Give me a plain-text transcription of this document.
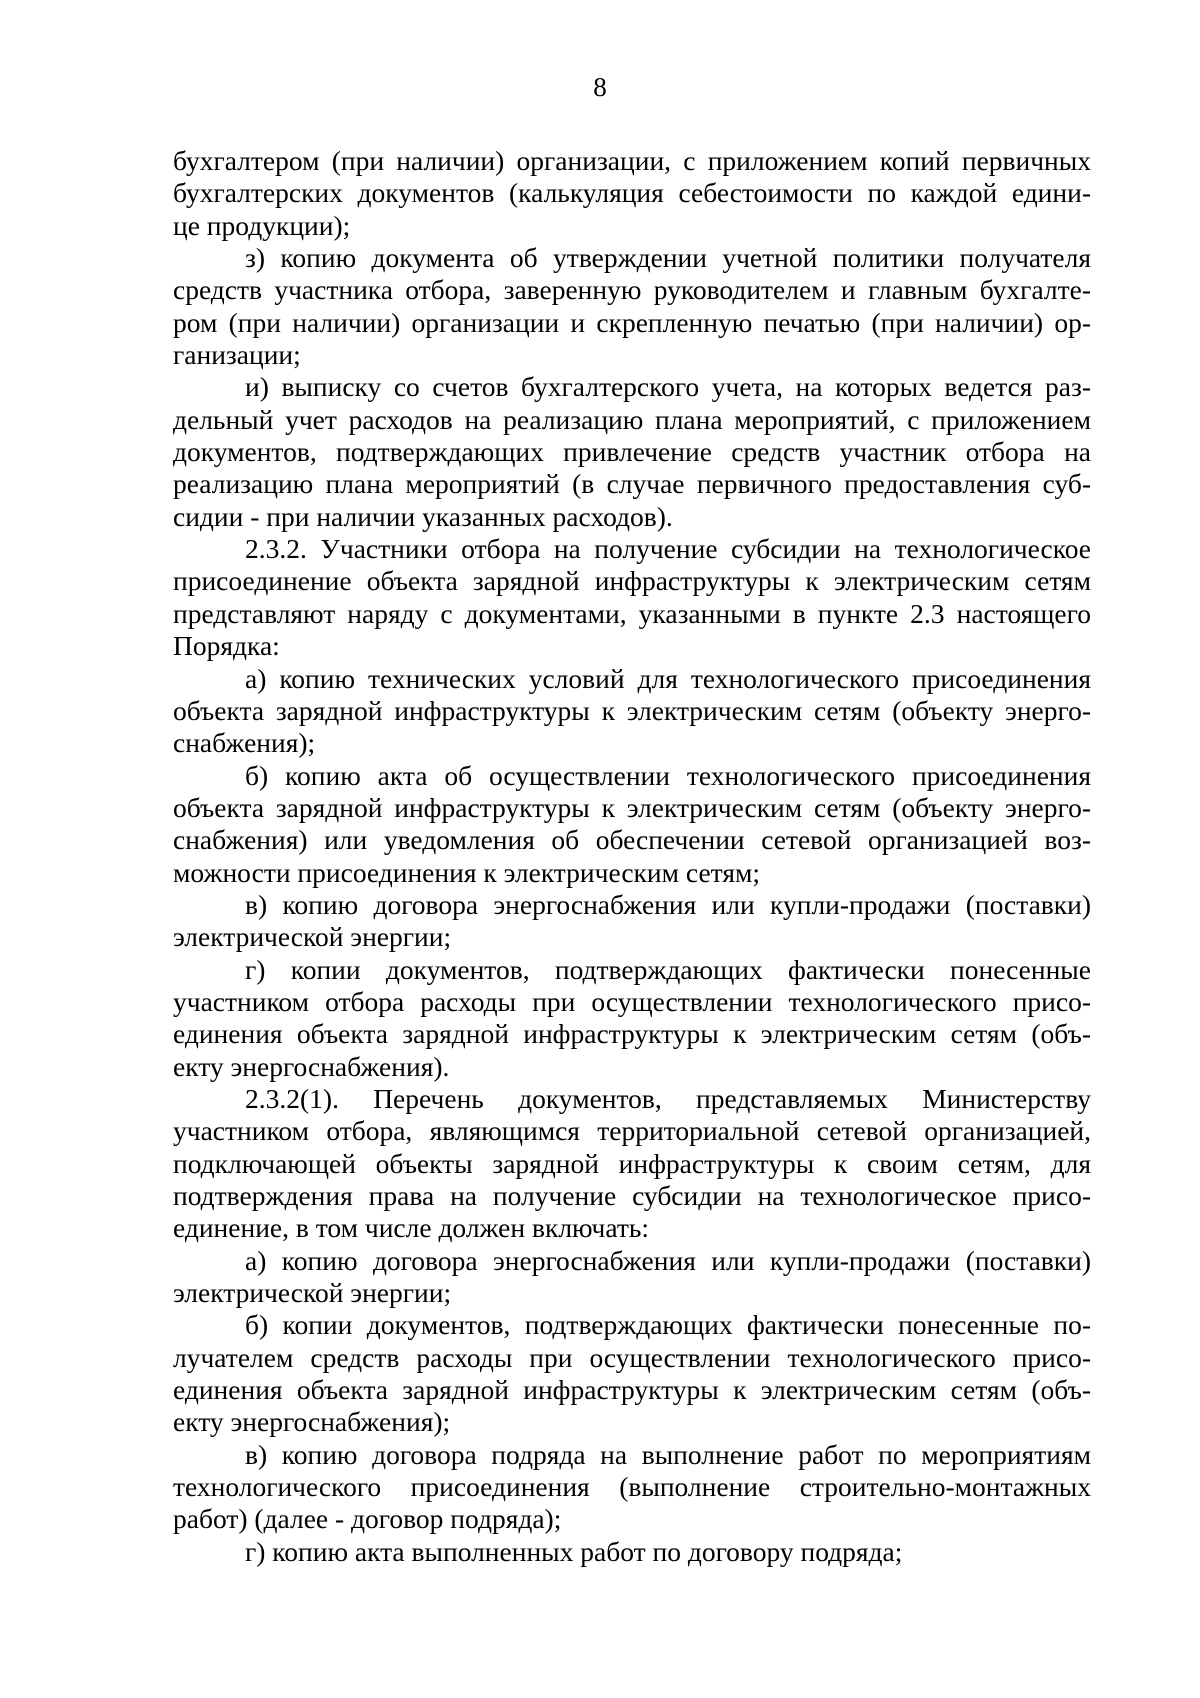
8
бухгалтером (при наличии) организации, с приложением копий первичных
бухгалтерских документов (калькуляция себестоимости по каждой едини-
це продукции);
з) копию документа об утверждении учетной политики получателя
средств участника отбора, заверенную руководителем и главным бухгалте-
ром (при наличии) организации и скрепленную печатью (при наличии) ор-
ганизации;
и) выписку со счетов бухгалтерского учета, на которых ведется раз-
дельный учет расходов на реализацию плана мероприятий, с приложением
документов, подтверждающих привлечение средств участник отбора на
реализацию плана мероприятий (в случае первичного предоставления суб-
сидии - при наличии указанных расходов).
2.3.2. Участники отбора на получение субсидии на технологическое
присоединение объекта зарядной инфраструктуры к электрическим сетям
представляют наряду с документами, указанными в пункте 2.3 настоящего
Порядка:
а) копию технических условий для технологического присоединения
объекта зарядной инфраструктуры к электрическим сетям (объекту энерго-
снабжения);
б) копию акта об осуществлении технологического присоединения
объекта зарядной инфраструктуры к электрическим сетям (объекту энерго-
снабжения) или уведомления об обеспечении сетевой организацией воз-
можности присоединения к электрическим сетям;
в) копию договора энергоснабжения или купли-продажи (поставки)
электрической энергии;
г) копии документов, подтверждающих фактически понесенные
участником отбора расходы при осуществлении технологического присо-
единения объекта зарядной инфраструктуры к электрическим сетям (объ-
екту энергоснабжения).
2.3.2(1). Перечень документов, представляемых Министерству
участником отбора, являющимся территориальной сетевой организацией,
подключающей объекты зарядной инфраструктуры к своим сетям, для
подтверждения права на получение субсидии на технологическое присо-
единение, в том числе должен включать:
а) копию договора энергоснабжения или купли-продажи (поставки)
электрической энергии;
б) копии документов, подтверждающих фактически понесенные по-
лучателем средств расходы при осуществлении технологического присо-
единения объекта зарядной инфраструктуры к электрическим сетям (объ-
екту энергоснабжения);
в) копию договора подряда на выполнение работ по мероприятиям
технологического присоединения (выполнение строительно-монтажных
работ) (далее - договор подряда);
г) копию акта выполненных работ по договору подряда;
